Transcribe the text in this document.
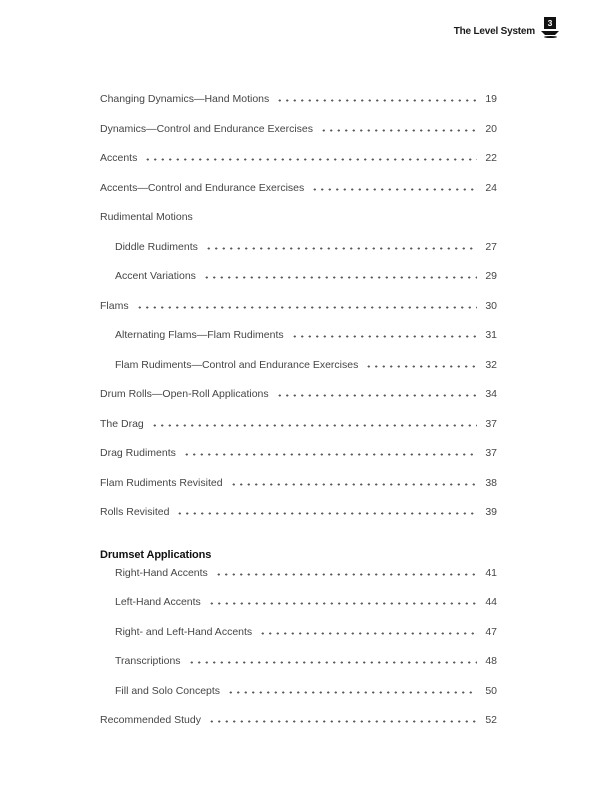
The Level System
3
Changing Dynamics—Hand Motions	19
Dynamics—Control and Endurance Exercises	20
Accents	22
Accents—Control and Endurance Exercises	24
Rudimental Motions
Diddle Rudiments	27
Accent Variations	29
Flams	30
Alternating Flams—Flam Rudiments	31
Flam Rudiments—Control and Endurance Exercises	32
Drum Rolls—Open-Roll Applications	34
The Drag	37
Drag Rudiments	37
Flam Rudiments Revisited	38
Rolls Revisited	39
Drumset Applications
Right-Hand Accents	41
Left-Hand Accents	44
Right- and Left-Hand Accents	47
Transcriptions	48
Fill and Solo Concepts	50
Recommended Study	52
